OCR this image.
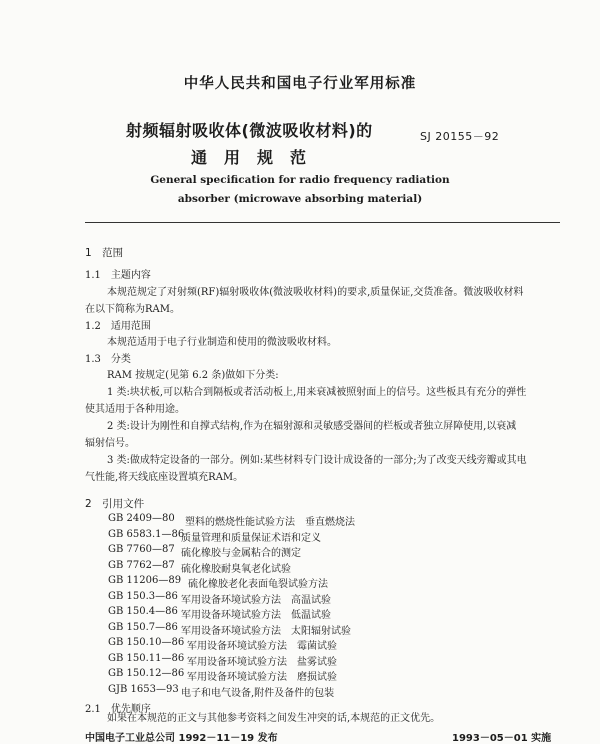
中华人民共和国电子行业军用标准
射频辐射吸收体(微波吸收材料)的	SJ 20155－92
通用规范
General specification for radio frequency radiation
absorber (microwave absorbing material)
1　范围
1.1　主题内容
本规范规定了对射频(RF)辐射吸收体(微波吸收材料)的要求,质量保证,交货准备。微波吸收材料
在以下简称为RAM。
1.2　适用范围
本规范适用于电子行业制造和使用的微波吸收材料。
1.3　分类
RAM 按规定(见第 6.2 条)做如下分类:
1 类:块状板,可以粘合到隔板或者活动板上,用来衰减被照射面上的信号。这些板具有充分的弹性
使其适用于各种用途。
2 类:设计为刚性和自撑式结构,作为在辐射源和灵敏感受器间的栏板或者独立屏障使用,以衰减
辐射信号。
3 类:做成特定设备的一部分。例如:某些材料专门设计成设备的一部分;为了改变天线旁瓣或其电
气性能,将天线底座设置填充RAM。
2　引用文件
GB 2409—80 塑料的燃烧性能试验方法　垂直燃烧法
GB 6583.1—86
质量管理和质量保证术语和定义
GB 7760—87 硫化橡胶与金属粘合的测定
GB 7762—87 硫化橡胶耐臭氧老化试验
GB 11206—89 硫化橡胶老化表面龟裂试验方法
GB 150.3—86 军用设备环境试验方法　高温试验
GB 150.4—86 军用设备环境试验方法　低温试验
GB 150.7—86 军用设备环境试验方法　太阳辐射试验
GB 150.10—86 军用设备环境试验方法　霉菌试验
GB 150.11—86 军用设备环境试验方法　盐雾试验
GB 150.12—86 军用设备环境试验方法　磨损试验
GJB 1653—93 电子和电气设备,附件及备件的包装
2.1　优先顺序
如果在本规范的正文与其他参考资料之间发生冲突的话,本规范的正文优先。
中国电子工业总公司 1992－11－19 发布	1993－05－01 实施
